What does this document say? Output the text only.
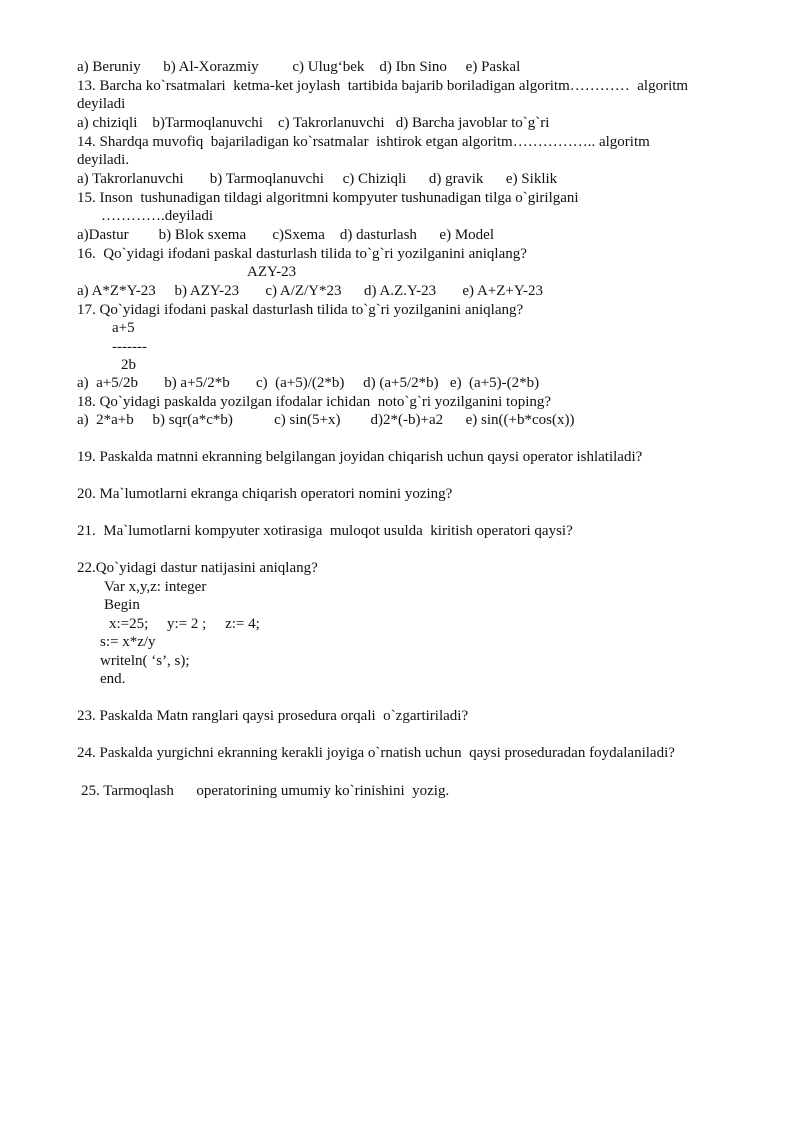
a) Beruniy      b) Al-Xorazmiy         c) Ulug‘bek    d) Ibn Sino     e) Paskal
13. Barcha ko`rsatmalari  ketma-ket joylash  tartibida bajarib boriladigan algoritm…………  algoritm
deyiladi
a) chiziqli    b)Tarmoqlanuvchi    c) Takrorlanuvchi   d) Barcha javoblar to`g`ri
14. Shardqa muvofiq  bajariladigan ko`rsatmalar  ishtirok etgan algoritm…………….. algoritm
deyiladi.
a) Takrorlanuvchi       b) Tarmoqlanuvchi     c) Chiziqli      d) gravik      e) Siklik
15. Inson  tushunadigan tildagi algoritmni kompyuter tushunadigan tilga o`girilgani
………….deyiladi
a)Dastur        b) Blok sxema       c)Sxema    d) dasturlash      e) Model
16.  Qo`yidagi ifodani paskal dasturlash tilida to`g`ri yozilganini aniqlang?
AZY-23
a) A*Z*Y-23     b) AZY-23       c) A/Z/Y*23      d) A.Z.Y-23       e) A+Z+Y-23
17. Qo`yidagi ifodani paskal dasturlash tilida to`g`ri yozilganini aniqlang?
a+5
-------
2b
a)  a+5/2b       b) a+5/2*b       c)  (a+5)/(2*b)     d) (a+5/2*b)   e)  (a+5)-(2*b)
18. Qo`yidagi paskalda yozilgan ifodalar ichidan  noto`g`ri yozilganini toping?
a)  2*a+b     b) sqr(a*c*b)           c) sin(5+x)        d)2*(-b)+a2      e) sin((+b*cos(x))
19. Paskalda matnni ekranning belgilangan joyidan chiqarish uchun qaysi operator ishlatiladi?
20. Ma`lumotlarni ekranga chiqarish operatori nomini yozing?
21.  Ma`lumotlarni kompyuter xotirasiga  muloqot usulda  kiritish operatori qaysi?
22.Qo`yidagi dastur natijasini aniqlang?
Var x,y,z: integer
Begin
x:=25;     y:= 2 ;     z:= 4;
s:= x*z/y
writeln( ‘s’, s);
end.
23. Paskalda Matn ranglari qaysi prosedura orqali  o`zgartiriladi?
24. Paskalda yurgichni ekranning kerakli joyiga o`rnatish uchun  qaysi proseduradan foydalaniladi?
25. Tarmoqlash      operatorining umumiy ko`rinishini  yozig.
